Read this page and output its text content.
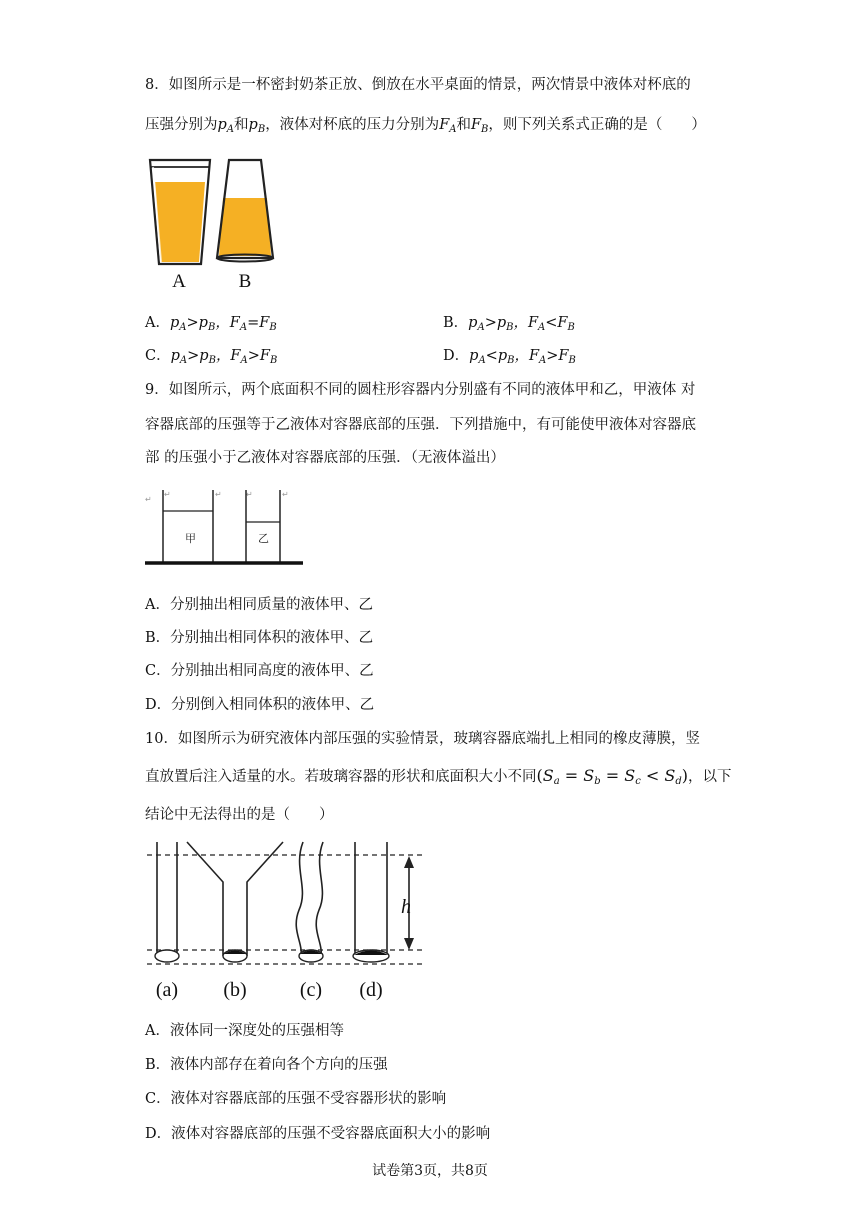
8．如图所示是一杯密封奶茶正放、倒放在水平桌面的情景，两次情景中液体对杯底的
压强分别为$p_A$和$p_B$，液体对杯底的压力分别为$F_A$和$F_B$，则下列关系式正确的是（　　）
A	B
A．$p_A>p_B$，$F_A=F_B$	B．$p_A>p_B$，$F_A<F_B$
C．$p_A>p_B$，$F_A>F_B$	D．$p_A<p_B$，$F_A>F_B$
9．如图所示，两个底面积不同的圆柱形容器内分别盛有不同的液体甲和乙，甲液体 对
容器底部的压强等于乙液体对容器底部的压强．下列措施中，有可能使甲液体对容器底
部 的压强小于乙液体对容器底部的压强．（无液体溢出）
↵
↵	↵	↵	↵
甲	乙
A．分别抽出相同质量的液体甲、乙
B．分别抽出相同体积的液体甲、乙
C．分别抽出相同高度的液体甲、乙
D．分别倒入相同体积的液体甲、乙
10．如图所示为研究液体内部压强的实验情景，玻璃容器底端扎上相同的橡皮薄膜，竖
直放置后注入适量的水。若玻璃容器的形状和底面积大小不同$(S_a = S_b = S_c < S_d)$，以下
结论中无法得出的是（　　）
h
(a) (b)	(c) (d)
A．液体同一深度处的压强相等
B．液体内部存在着向各个方向的压强
C．液体对容器底部的压强不受容器形状的影响
D．液体对容器底部的压强不受容器底面积大小的影响
试卷第3页，共8页
